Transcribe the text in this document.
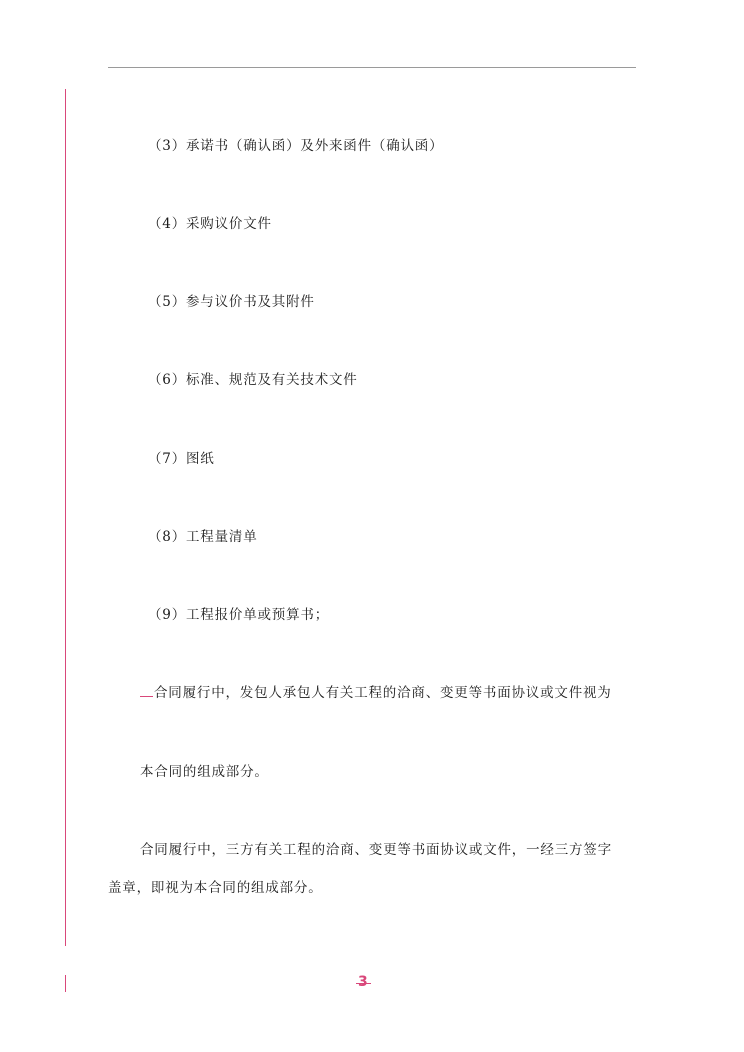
（3）承诺书（确认函）及外来函件（确认函）
（4）采购议价文件
（5）参与议价书及其附件
（6）标准、规范及有关技术文件
（7）图纸
（8）工程量清单
（9）工程报价单或预算书；
合同履行中，发包人承包人有关工程的洽商、变更等书面协议或文件视为
本合同的组成部分。
合同履行中，三方有关工程的洽商、变更等书面协议或文件，一经三方签字
盖章，即视为本合同的组成部分。
3
